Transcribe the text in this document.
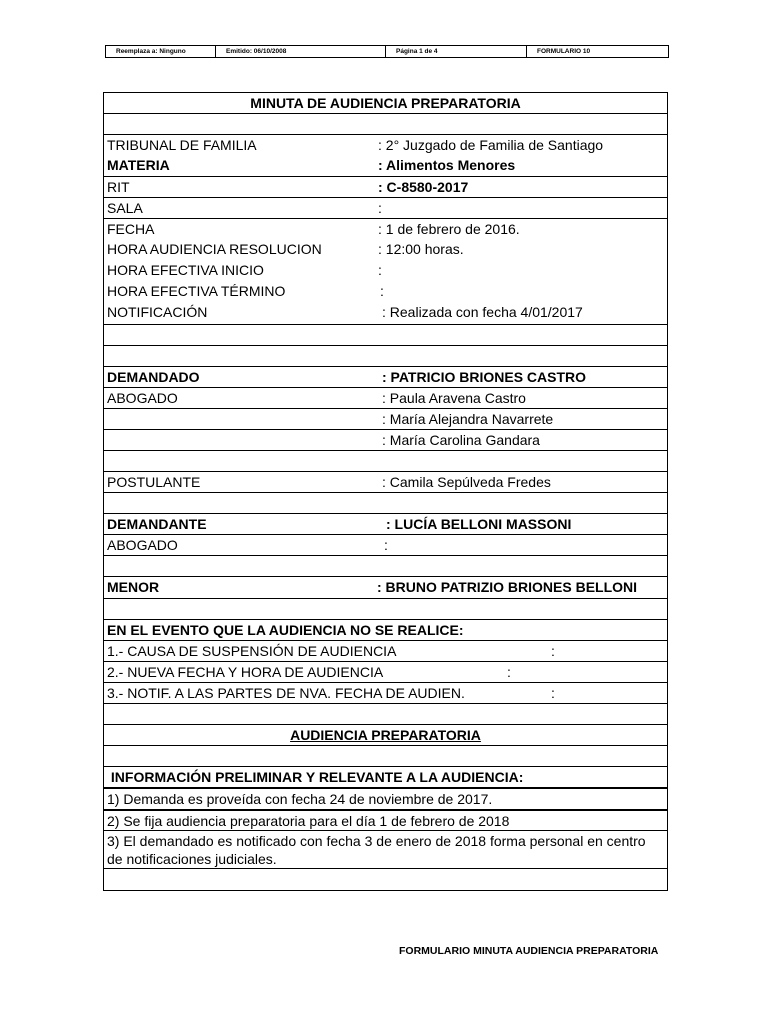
Reemplaza a: Ninguno	Emitido: 06/10/2008	Página 1 de 4	FORMULARIO 10
MINUTA DE AUDIENCIA PREPARATORIA
TRIBUNAL DE FAMILIA	: 2° Juzgado de Familia de Santiago
MATERIA	: Alimentos Menores
RIT	: C-8580-2017
SALA	:
FECHA	: 1 de febrero de 2016.
HORA AUDIENCIA RESOLUCION	: 12:00 horas.
HORA EFECTIVA INICIO	:
HORA EFECTIVA TÉRMINO	:
NOTIFICACIÓN	: Realizada con fecha 4/01/2017
DEMANDADO	: PATRICIO BRIONES CASTRO
ABOGADO	: Paula Aravena Castro
: María Alejandra Navarrete
: María Carolina Gandara
POSTULANTE	: Camila Sepúlveda Fredes
DEMANDANTE	: LUCÍA BELLONI MASSONI
ABOGADO	:
MENOR	: BRUNO PATRIZIO BRIONES BELLONI
EN EL EVENTO QUE LA AUDIENCIA NO SE REALICE:
1.- CAUSA DE SUSPENSIÓN DE AUDIENCIA	:
2.- NUEVA FECHA Y HORA DE AUDIENCIA	:
3.- NOTIF. A LAS PARTES DE NVA. FECHA DE AUDIEN.	:
AUDIENCIA PREPARATORIA
INFORMACIÓN PRELIMINAR Y RELEVANTE A LA AUDIENCIA:
1) Demanda es proveída con fecha 24 de noviembre de 2017.
2) Se fija audiencia preparatoria para el día 1 de febrero de 2018
3) El demandado es notificado con fecha 3 de enero de 2018 forma personal en centro de notificaciones judiciales.
FORMULARIO MINUTA AUDIENCIA PREPARATORIA
